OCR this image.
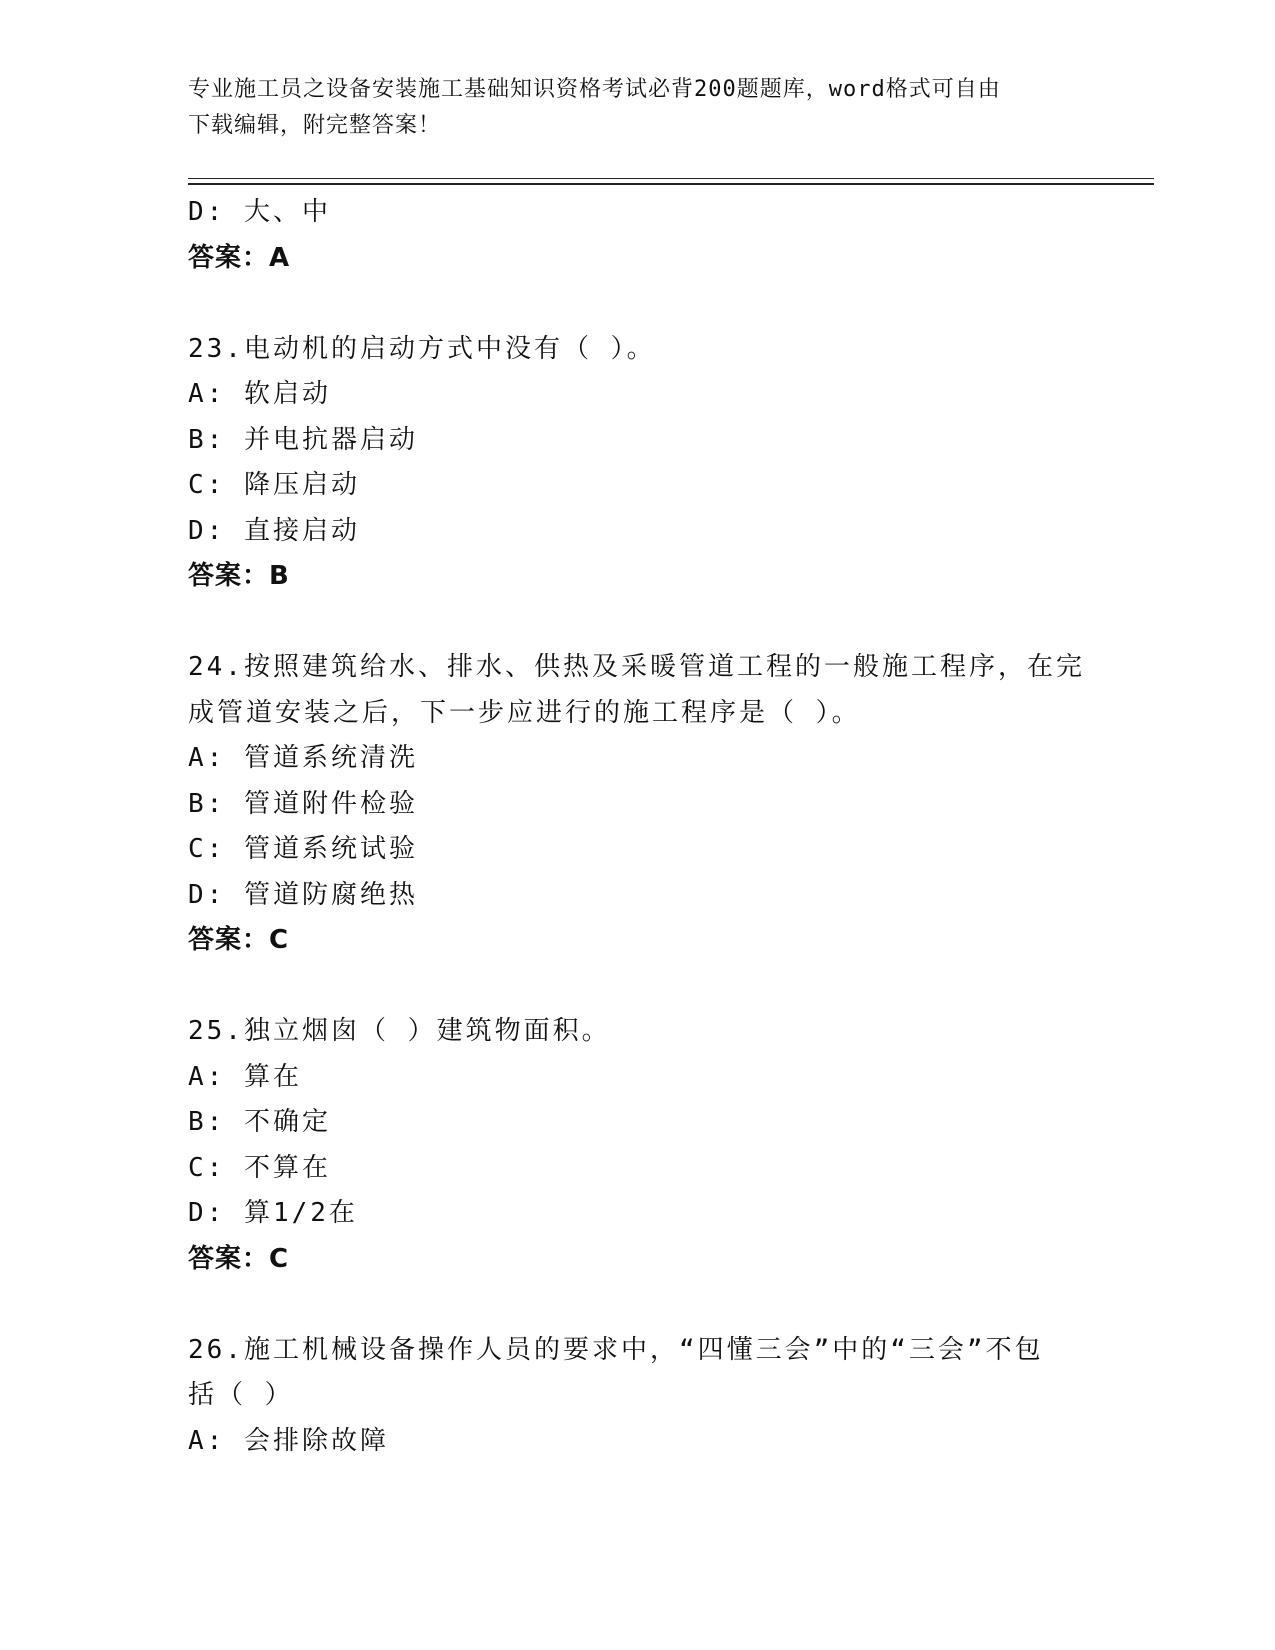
专业施工员之设备安装施工基础知识资格考试必背200题题库，word格式可自由
下载编辑，附完整答案！
D: 大、中
答案：A
23.电动机的启动方式中没有（ ）。
A: 软启动
B: 并电抗器启动
C: 降压启动
D: 直接启动
答案：B
24.按照建筑给水、排水、供热及采暖管道工程的一般施工程序，在完
成管道安装之后，下一步应进行的施工程序是（ ）。
A: 管道系统清洗
B: 管道附件检验
C: 管道系统试验
D: 管道防腐绝热
答案：C
25.独立烟囱（ ）建筑物面积。
A: 算在
B: 不确定
C: 不算在
D: 算1/2在
答案：C
26.施工机械设备操作人员的要求中，“四懂三会”中的“三会”不包
括（ ）
A: 会排除故障
